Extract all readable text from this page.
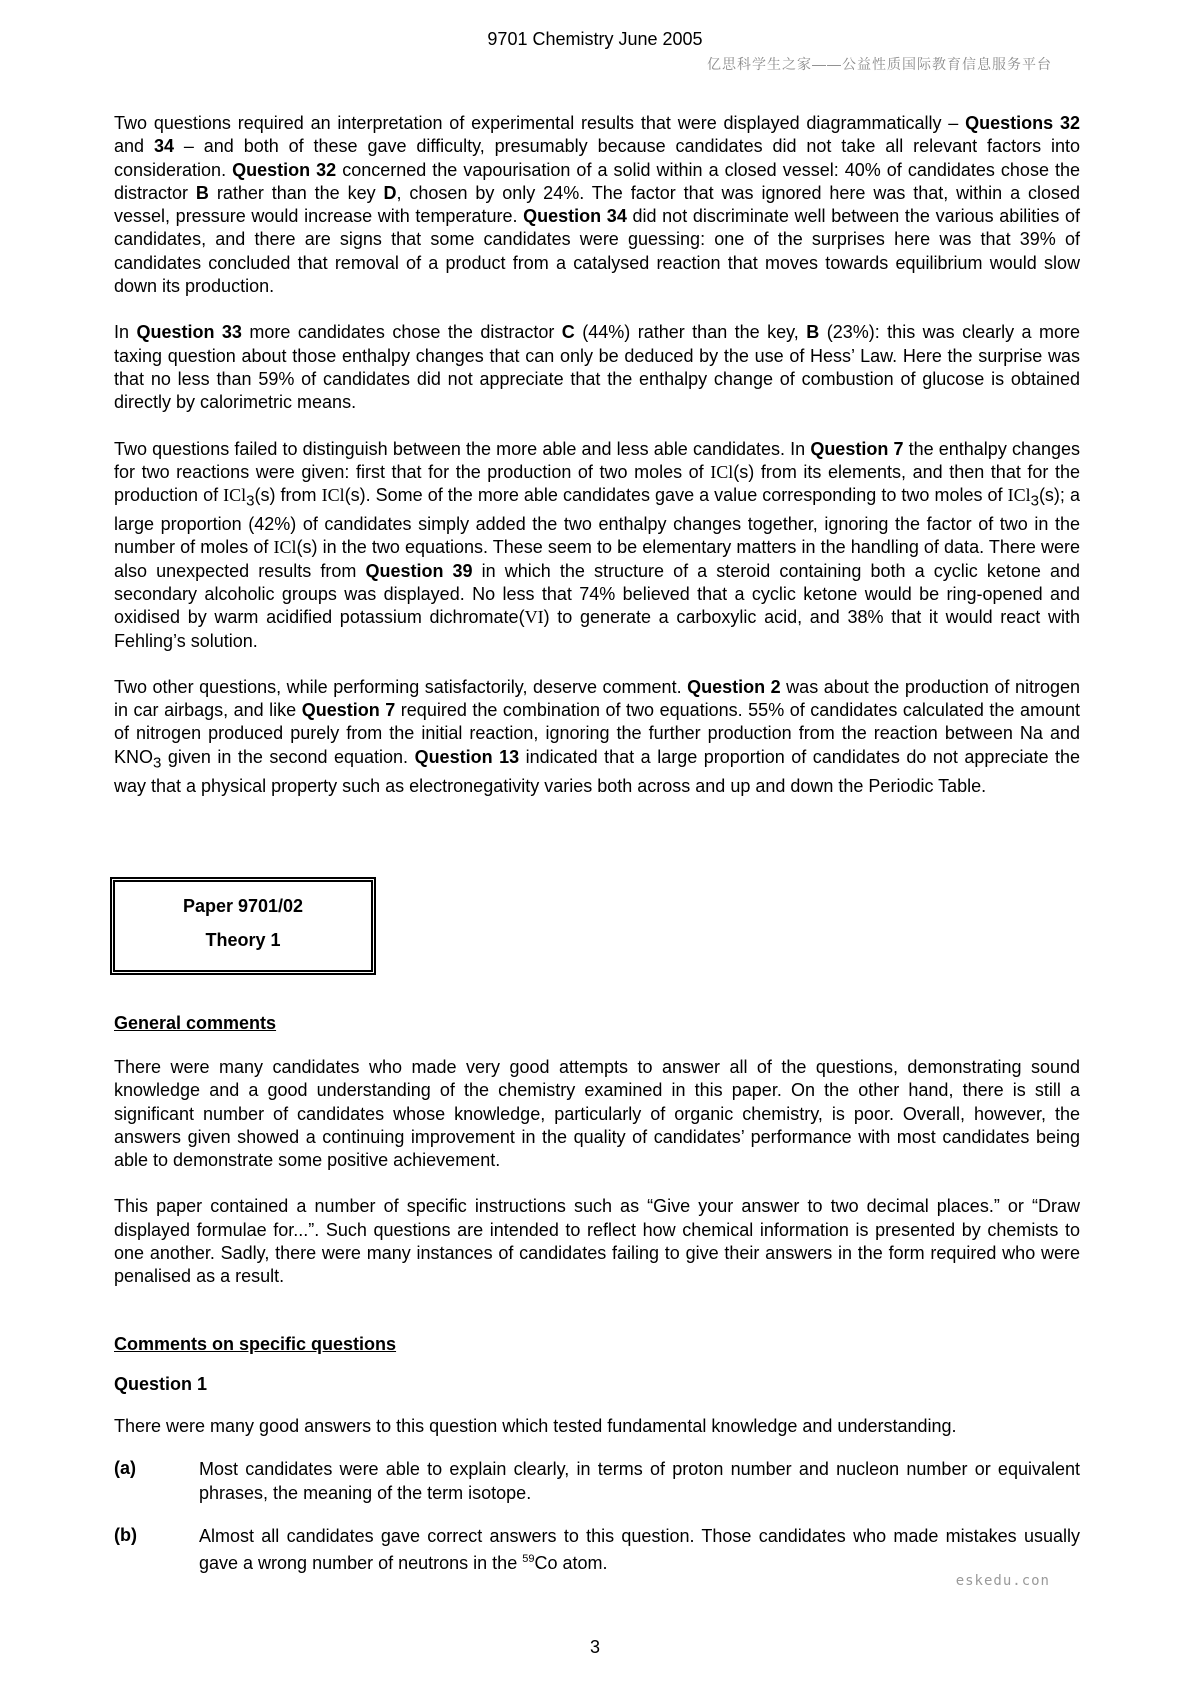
9701 Chemistry June 2005
亿思科学生之家——公益性质国际教育信息服务平台

Two questions required an interpretation of experimental results that were displayed diagrammatically – Questions 32 and 34 – and both of these gave difficulty, presumably because candidates did not take all relevant factors into consideration. Question 32 concerned the vapourisation of a solid within a closed vessel: 40% of candidates chose the distractor B rather than the key D, chosen by only 24%. The factor that was ignored here was that, within a closed vessel, pressure would increase with temperature. Question 34 did not discriminate well between the various abilities of candidates, and there are signs that some candidates were guessing: one of the surprises here was that 39% of candidates concluded that removal of a product from a catalysed reaction that moves towards equilibrium would slow down its production.

In Question 33 more candidates chose the distractor C (44%) rather than the key, B (23%): this was clearly a more taxing question about those enthalpy changes that can only be deduced by the use of Hess’ Law. Here the surprise was that no less than 59% of candidates did not appreciate that the enthalpy change of combustion of glucose is obtained directly by calorimetric means.

Two questions failed to distinguish between the more able and less able candidates. In Question 7 the enthalpy changes for two reactions were given: first that for the production of two moles of ICl(s) from its elements, and then that for the production of ICl$_3$(s) from ICl(s). Some of the more able candidates gave a value corresponding to two moles of ICl$_3$(s); a large proportion (42%) of candidates simply added the two enthalpy changes together, ignoring the factor of two in the number of moles of ICl(s) in the two equations. These seem to be elementary matters in the handling of data. There were also unexpected results from Question 39 in which the structure of a steroid containing both a cyclic ketone and secondary alcoholic groups was displayed. No less that 74% believed that a cyclic ketone would be ring-opened and oxidised by warm acidified potassium dichromate(VI) to generate a carboxylic acid, and 38% that it would react with Fehling’s solution.

Two other questions, while performing satisfactorily, deserve comment. Question 2 was about the production of nitrogen in car airbags, and like Question 7 required the combination of two equations. 55% of candidates calculated the amount of nitrogen produced purely from the initial reaction, ignoring the further production from the reaction between Na and $KNO_3$ given in the second equation. Question 13 indicated that a large proportion of candidates do not appreciate the way that a physical property such as electronegativity varies both across and up and down the Periodic Table.

Paper 9701/02
Theory 1
General comments

There were many candidates who made very good attempts to answer all of the questions, demonstrating sound knowledge and a good understanding of the chemistry examined in this paper. On the other hand, there is still a significant number of candidates whose knowledge, particularly of organic chemistry, is poor. Overall, however, the answers given showed a continuing improvement in the quality of candidates’ performance with most candidates being able to demonstrate some positive achievement.

This paper contained a number of specific instructions such as “Give your answer to two decimal places.” or “Draw displayed formulae for...”. Such questions are intended to reflect how chemical information is presented by chemists to one another. Sadly, there were many instances of candidates failing to give their answers in the form required who were penalised as a result.

Comments on specific questions
Question 1

There were many good answers to this question which tested fundamental knowledge and understanding.

(a)	Most candidates were able to explain clearly, in terms of proton number and nucleon number or equivalent phrases, the meaning of the term isotope.

(b)	Almost all candidates gave correct answers to this question. Those candidates who made mistakes usually gave a wrong number of neutrons in the $^{59}$Co atom.

eskedu.con
3
